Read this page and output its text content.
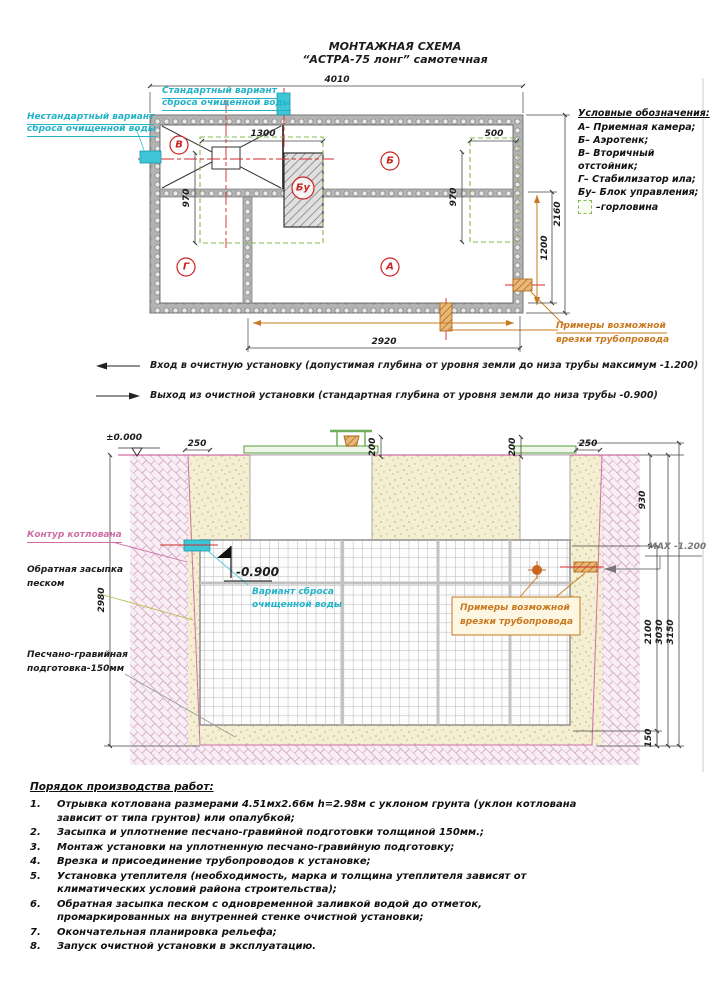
МОНТАЖНАЯ СХЕМА
“АСТРА-75 лонг” самотечная
4010
1300	500
970	970
1200
2160
2920
В
Б
Бу
Г	А
Стандартный вариант
сброса очищенной воды
Нестандартный вариант
сброса очищенной воды
Примеры возможной
врезки трубопровода
Условные обозначения:
А– Приемная камера;
Б– Аэротенк;
В– Вторичный отстойник;
Г– Стабилизатор ила;
Бу– Блок управления;
–горловина
Вход в очистную установку (допустимая глубина от уровня земли до низа трубы максимум -1.200)
Выход из очистной установки (стандартная глубина от уровня земли до низа трубы -0.900)
±0.000
250	200	200	250
930
MAX -1.200
2100 3030 3150
150
2980
-0.900
Контур котлована
Обратная засыпка
песком
Песчано-гравийная
подготовка-150мм
Вариант сброса
очищенной воды	Примеры возможной
врезки трубопровода
Порядок производства работ:
1.	Отрывка котлована размерами 4.51мх2.66м h=2.98м с уклоном грунта (уклон котлована зависит от типа грунтов) или опалубкой;
2.	Засыпка и уплотнение песчано-гравийной подготовки толщиной 150мм.;
3.	Монтаж установки на уплотненную песчано-гравийную подготовку;
4.	Врезка и присоединение трубопроводов к установке;
5.	Установка утеплителя (необходимость, марка и толщина утеплителя зависят от климатических условий района строительства);
6.	Обратная засыпка песком с одновременной заливкой водой до отметок, промаркированных на внутренней стенке очистной установки;
7.	Окончательная планировка рельефа;
8.	Запуск очистной установки в эксплуатацию.
